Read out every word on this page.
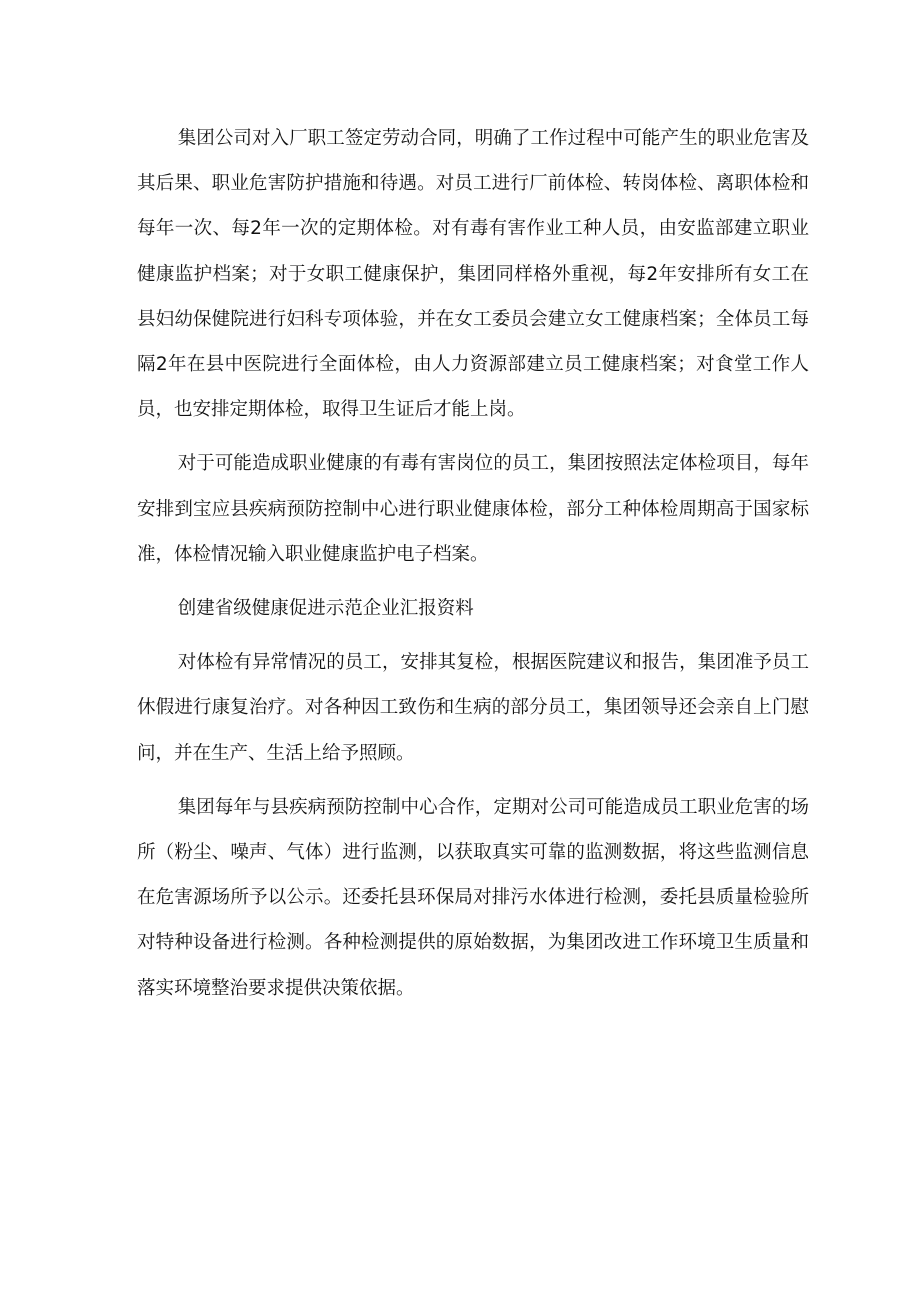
集团公司对入厂职工签定劳动合同，明确了工作过程中可能产生的职业危害及其后果、职业危害防护措施和待遇。对员工进行厂前体检、转岗体检、离职体检和每年一次、每2年一次的定期体检。对有毒有害作业工种人员，由安监部建立职业健康监护档案；对于女职工健康保护，集团同样格外重视，每2年安排所有女工在县妇幼保健院进行妇科专项体验，并在女工委员会建立女工健康档案；全体员工每隔2年在县中医院进行全面体检，由人力资源部建立员工健康档案；对食堂工作人员，也安排定期体检，取得卫生证后才能上岗。

对于可能造成职业健康的有毒有害岗位的员工，集团按照法定体检项目，每年安排到宝应县疾病预防控制中心进行职业健康体检，部分工种体检周期高于国家标准，体检情况输入职业健康监护电子档案。

创建省级健康促进示范企业汇报资料

对体检有异常情况的员工，安排其复检，根据医院建议和报告，集团准予员工休假进行康复治疗。对各种因工致伤和生病的部分员工，集团领导还会亲自上门慰问，并在生产、生活上给予照顾。

集团每年与县疾病预防控制中心合作，定期对公司可能造成员工职业危害的场所（粉尘、噪声、气体）进行监测，以获取真实可靠的监测数据，将这些监测信息在危害源场所予以公示。还委托县环保局对排污水体进行检测，委托县质量检验所对特种设备进行检测。各种检测提供的原始数据，为集团改进工作环境卫生质量和落实环境整治要求提供决策依据。
